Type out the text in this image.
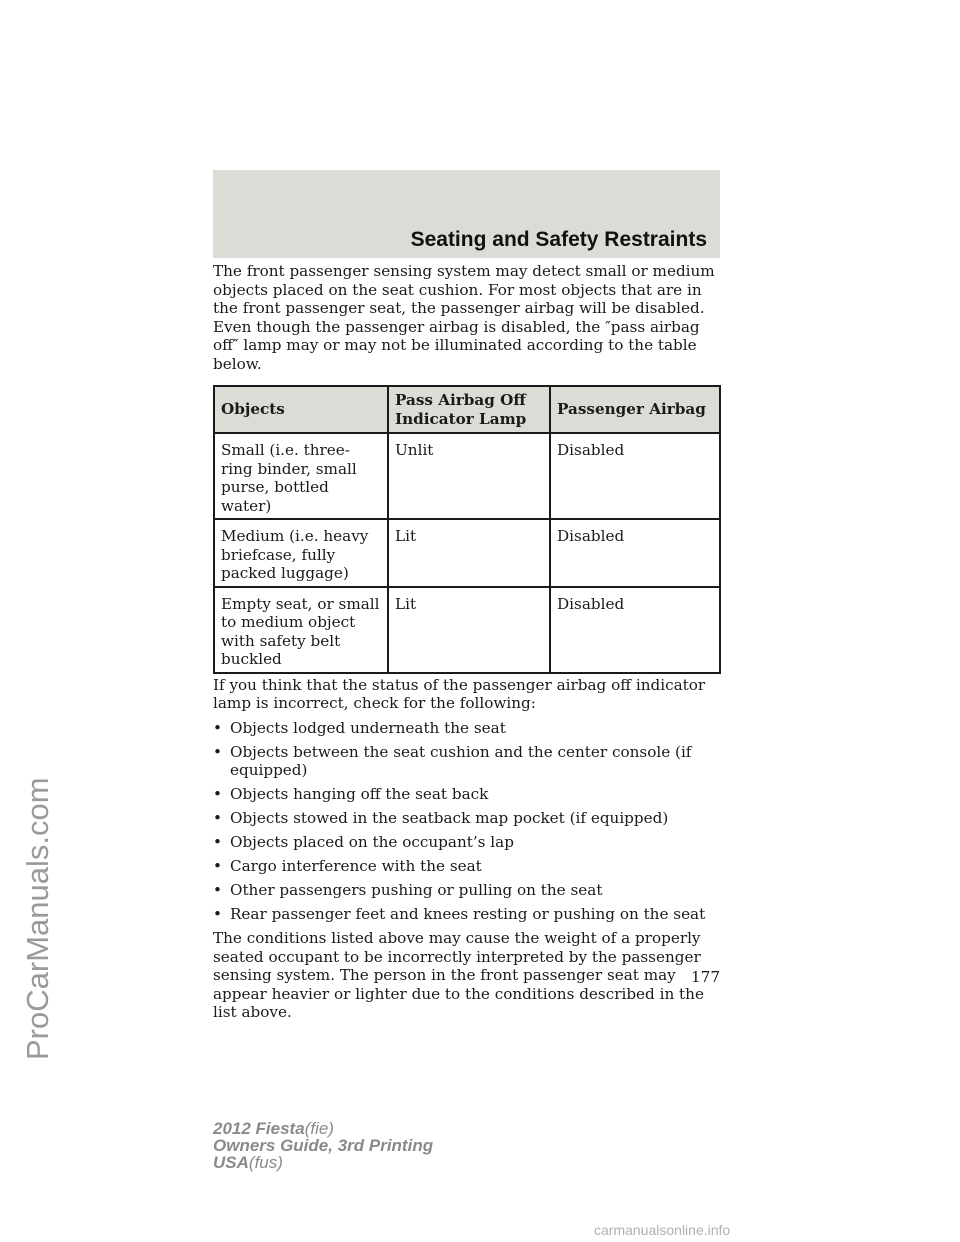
Seating and Safety Restraints
ProCarManuals.com

The front passenger sensing system may detect small or medium objects placed on the seat cushion. For most objects that are in the front passenger seat, the passenger airbag will be disabled. Even though the passenger airbag is disabled, the ″pass airbag off″ lamp may or may not be illuminated according to the table below.

Objects	Pass Airbag Off Indicator Lamp	Passenger Airbag
Small (i.e. three-ring binder, small purse, bottled water)	Unlit	Disabled
Medium (i.e. heavy briefcase, fully packed luggage)	Lit	Disabled
Empty seat, or small to medium object with safety belt buckled	Lit	Disabled

If you think that the status of the passenger airbag off indicator lamp is incorrect, check for the following:

• Objects lodged underneath the seat
• Objects between the seat cushion and the center console (if equipped)
• Objects hanging off the seat back
• Objects stowed in the seatback map pocket (if equipped)
• Objects placed on the occupant’s lap
• Cargo interference with the seat
• Other passengers pushing or pulling on the seat
• Rear passenger feet and knees resting or pushing on the seat

The conditions listed above may cause the weight of a properly seated occupant to be incorrectly interpreted by the passenger sensing system. The person in the front passenger seat may appear heavier or lighter due to the conditions described in the list above.

177
2012 Fiesta(fie)
Owners Guide, 3rd Printing
USA(fus)
carmanualsonline.info
